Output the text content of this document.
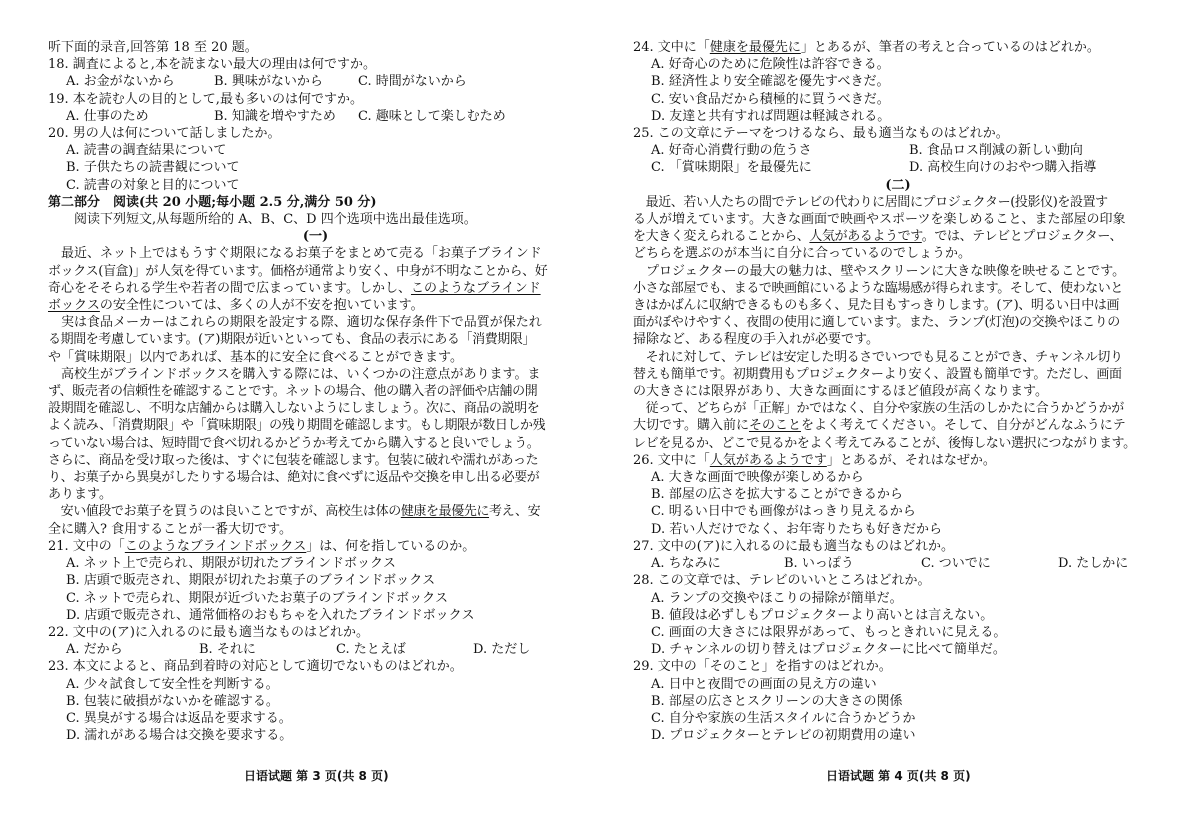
听下面的录音,回答第 18 至 20 题。

18. 調査によると,本を読まない最大の理由は何ですか。

A. お金がないから	B. 興味がないから	C. 時間がないから

19. 本を読む人の目的として,最も多いのは何ですか。

A. 仕事のため	B. 知識を増やすため C. 趣味として楽しむため

20. 男の人は何について話しましたか。

A. 読書の調査結果について

B. 子供たちの読書観について

C. 読書の対象と目的について

第二部分　阅读(共 20 小题;每小题 2.5 分,满分 50 分)

　　阅读下列短文,从每题所给的 A、B、C、D 四个选项中选出最佳选项。

(一)

　最近、ネット上ではもうすぐ期限になるお菓子をまとめて売る「お菓子ブラインド

ボックス(盲盒)」が人気を得ています。価格が通常より安く、中身が不明なことから、好

奇心をそそられる学生や若者の間で広まっています。しかし、このようなブラインド

ボックスの安全性については、多くの人が不安を抱いています。

　実は食品メーカーはこれらの期限を設定する際、適切な保存条件下で品質が保たれ

る期間を考慮しています。(ア)期限が近いといっても、食品の表示にある「消費期限」

や「賞味期限」以内であれば、基本的に安全に食べることができます。

　高校生がブラインドボックスを購入する際には、いくつかの注意点があります。ま

ず、販売者の信頼性を確認することです。ネットの場合、他の購入者の評価や店舗の開

設期間を確認し、不明な店舗からは購入しないようにしましょう。次に、商品の説明を

よく読み、「消費期限」や「賞味期限」の残り期間を確認します。もし期限が数日しか残

っていない場合は、短時間で食べ切れるかどうか考えてから購入すると良いでしょう。

さらに、商品を受け取った後は、すぐに包装を確認します。包装に破れや濡れがあった

り、お菓子から異臭がしたりする場合は、絶対に食べずに返品や交換を申し出る必要が

あります。

　安い値段でお菓子を買うのは良いことですが、高校生は体の健康を最優先に考え、安

全に購入? 食用することが一番大切です。

21. 文中の「このようなブラインドボックス」は、何を指しているのか。

A. ネット上で売られ、期限が切れたブラインドボックス

B. 店頭で販売され、期限が切れたお菓子のブラインドボックス

C. ネットで売られ、期限が近づいたお菓子のブラインドボックス

D. 店頭で販売され、通常価格のおもちゃを入れたブラインドボックス

22. 文中の(ア)に入れるのに最も適当なものはどれか。

A. だから	B. それに	C. たとえば	D. ただし

23. 本文によると、商品到着時の対応として適切でないものはどれか。

A. 少々試食して安全性を判断する。

B. 包装に破損がないかを確認する。

C. 異臭がする場合は返品を要求する。

D. 濡れがある場合は交換を要求する。

24. 文中に「健康を最優先に」とあるが、筆者の考えと合っているのはどれか。

A. 好奇心のために危険性は許容できる。

B. 経済性より安全確認を優先すべきだ。

C. 安い食品だから積極的に買うべきだ。

D. 友達と共有すれば問題は軽減される。

25. この文章にテーマをつけるなら、最も適当なものはどれか。

A. 好奇心消費行動の危うさ	B. 食品ロス削減の新しい動向

C. 「賞味期限」を最優先に	D. 高校生向けのおやつ購入指導

(二)

　最近、若い人たちの間でテレビの代わりに居間にプロジェクター(投影仪)を設置す

る人が増えています。大きな画面で映画やスポーツを楽しめること、また部屋の印象

を大きく変えられることから、人気があるようです。では、テレビとプロジェクター、

どちらを選ぶのが本当に自分に合っているのでしょうか。

　プロジェクターの最大の魅力は、壁やスクリーンに大きな映像を映せることです。

小さな部屋でも、まるで映画館にいるような臨場感が得られます。そして、使わないと

きはかばんに収納できるものも多く、見た目もすっきりします。(ア)、明るい日中は画

面がぼやけやすく、夜間の使用に適しています。また、ランプ(灯泡)の交換やほこりの

掃除など、ある程度の手入れが必要です。

　それに対して、テレビは安定した明るさでいつでも見ることができ、チャンネル切り

替えも簡単です。初期費用もプロジェクターより安く、設置も簡単です。ただし、画面

の大きさには限界があり、大きな画面にするほど値段が高くなります。

　従って、どちらが「正解」かではなく、自分や家族の生活のしかたに合うかどうかが

大切です。購入前にそのことをよく考えてください。そして、自分がどんなふうにテ

レビを見るか、どこで見るかをよく考えてみることが、後悔しない選択につながります。

26. 文中に「人気があるようです」とあるが、それはなぜか。

A. 大きな画面で映像が楽しめるから

B. 部屋の広さを拡大することができるから

C. 明るい日中でも画像がはっきり見えるから

D. 若い人だけでなく、お年寄りたちも好きだから

27. 文中の(ア)に入れるのに最も適当なものはどれか。

A. ちなみに	B. いっぽう	C. ついでに	D. たしかに

28. この文章では、テレビのいいところはどれか。

A. ランプの交換やほこりの掃除が簡単だ。

B. 値段は必ずしもプロジェクターより高いとは言えない。

C. 画面の大きさには限界があって、もっときれいに見える。

D. チャンネルの切り替えはプロジェクターに比べて簡単だ。

29. 文中の「そのこと」を指すのはどれか。

A. 日中と夜間での画面の見え方の違い

B. 部屋の広さとスクリーンの大きさの関係

C. 自分や家族の生活スタイルに合うかどうか

D. プロジェクターとテレビの初期費用の違い

日语试题 第 3 页(共 8 页)	日语试题 第 4 页(共 8 页)
